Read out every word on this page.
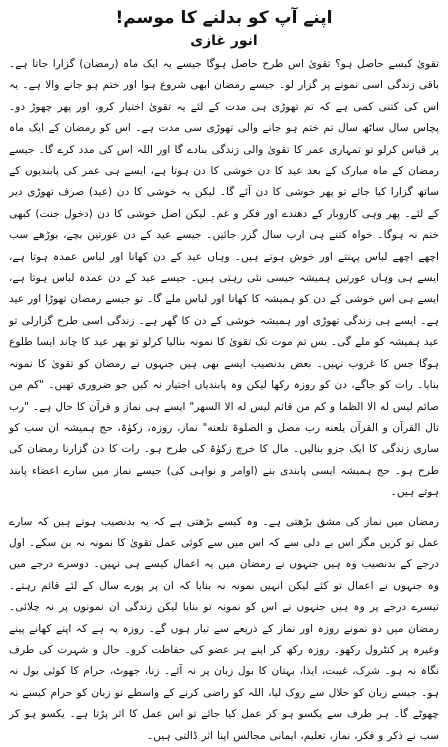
اپنے آپ کو بدلنے کا موسم!
انور غازی

تقویٰ کیسے حاصل ہو؟ تقویٰ اس طرح حاصل ہوگا جیسے یہ ایک ماہ (رمضان) گزارا جاتا ہے۔ باقی زندگی اسی نمونے پر گزار لو۔ جیسے رمضان ابھی شروع ہوا اور ختم ہو جانے والا ہے۔ یہ اس کی کتنی کمی ہے کہ تم تھوڑی ہی مدت کے لئے یہ تقویٰ اختیار کرو، اور پھر چھوڑ دو۔ پچاس سال ساٹھ سال تم ختم ہو جانے والی تھوڑی سی مدت ہے۔ اس کو رمضان کے ایک ماہ پر قیاس کرلو تو تمہاری عمر کا تقویٰ والی زندگی بنادے گا اور اللہ اس کی مدد کرے گا۔ جیسے رمضان کے ماہ مبارک کے بعد عید کا دن خوشی کا دن ہوتا ہے، ایسے ہی عمر کی پابندیوں کے ساتھ گزارا کیا جائے تو پھر خوشی کا دن آئے گا۔ لیکن یہ خوشی کا دن (عید) صرف تھوڑی دیر کے لئے۔ پھر وہی کاروبار کے دھندے اور فکر و غم۔ لیکن اصل خوشی کا دن (دخول جنت) کبھی ختم نہ ہوگا۔ خواہ کتنے ہی ارب سال گزر جائیں۔ جیسے عید کے دن عورتیں بچے، بوڑھے سب اچھے اچھے لباس پہنتے اور خوش ہوتے ہیں۔ وہاں عید کے دن کھانا اور لباس عمدہ ہوتا ہے، ایسے ہی وہاں عورتیں ہمیشہ جیسی نئی رہتی ہیں۔ جیسے عید کے دن عمدہ لباس ہوتا ہے، ایسے ہی اس خوشی کے دن کو ہمیشہ کا کھانا اور لباس ملے گا۔ تو جیسے رمضان تھوڑا اور عید ہے۔ ایسے ہی زندگی تھوڑی اور ہمیشہ خوشی کے دن کا گھر ہے۔ زندگی اسی طرح گزارلی تو عید ہمیشہ کو ملے گی۔ بس تم موت تک تقویٰ کا نمونہ بنالیا کرلو تو پھر عید کا چاند ایسا طلوع ہوگا جس کا غروب نہیں۔ بعض بدنصیب ایسے بھی ہیں جنہوں نے رمضان کو تقویٰ کا نمونہ بنایا۔ رات کو جاگے، دن کو روزہ رکھا لیکن وہ پابندیاں اختیار نہ کیں جو ضروری تھیں۔ "کم من صائم لیس له الا الظما و کم من قائم لیس له الا السهر" ایسے ہی نماز و قرآن کا حال ہے۔ "رب تال القرآن و القرآن یلعنه رب مصل و الصلوۃ تلعنه" نماز، روزہ، زکوٰۃ، حج ہمیشہ ان سب کو ساری زندگی کا ایک جزو بنالیں۔ مال کا خرچ زکوٰۃ کی طرح ہو۔ رات کا دن گزارنا رمضان کی طرح ہو۔ حج ہمیشہ ایسی پابندی بنے (اوامر و نواہی کی) جیسے نماز میں سارے اعضاء پابند ہوتے ہیں۔

رمضان میں نماز کی مشق بڑھتی ہے۔ وہ کیسے بڑھتی ہے کہ یہ بدنصیب ہوتے ہیں کہ سارے عمل تو کریں مگر اس بے دلی سے کہ اس میں سے کوئی عمل تقویٰ کا نمونہ نہ بن سکے۔ اول درجے کے بدنصیب وہ ہیں جنہوں نے رمضان میں یہ اعمال کیسے ہی نہیں۔ دوسرے درجے میں وہ جنہوں نے اعمال تو کئے لیکن انہیں نمونہ نہ بنایا کہ ان پر پورے سال کے لئے قائم رہتے۔ تیسرے درجے پر وہ ہیں جنہوں نے اس کو نمونہ تو بنایا لیکن زندگی ان نمونوں پر نہ چلائی۔ رمضان میں دو نمونے روزہ اور نماز کے ذریعے سے تیار ہوں گے۔ روزہ یہ ہے کہ اپنے کھانے پینے وغیرہ پر کنٹرول رکھو۔ روزہ رکھ کر اپنے ہر عضو کی حفاظت کرو۔ حال و شہرت کی طرف نگاہ نہ ہو۔ شرک، غیبت، ایذا، بہتان کا بول زبان پر نہ آئے۔ زنا، جھوٹ، حرام کا کوئی بول نہ ہو۔ جیسے زبان کو حلال سے روک لیا، اللہ کو راضی کرنے کے واسطے تو زبان کو حرام کیسے نہ چھوٹے گا۔ ہر طرف سے یکسو ہو کر عمل کیا جائے تو اس عمل کا اثر پڑتا ہے۔ یکسو ہو کر سب نے ذکر و فکر، نماز، تعلیم، ایمانی مجالس اپنا اثر ڈالتی ہیں۔
